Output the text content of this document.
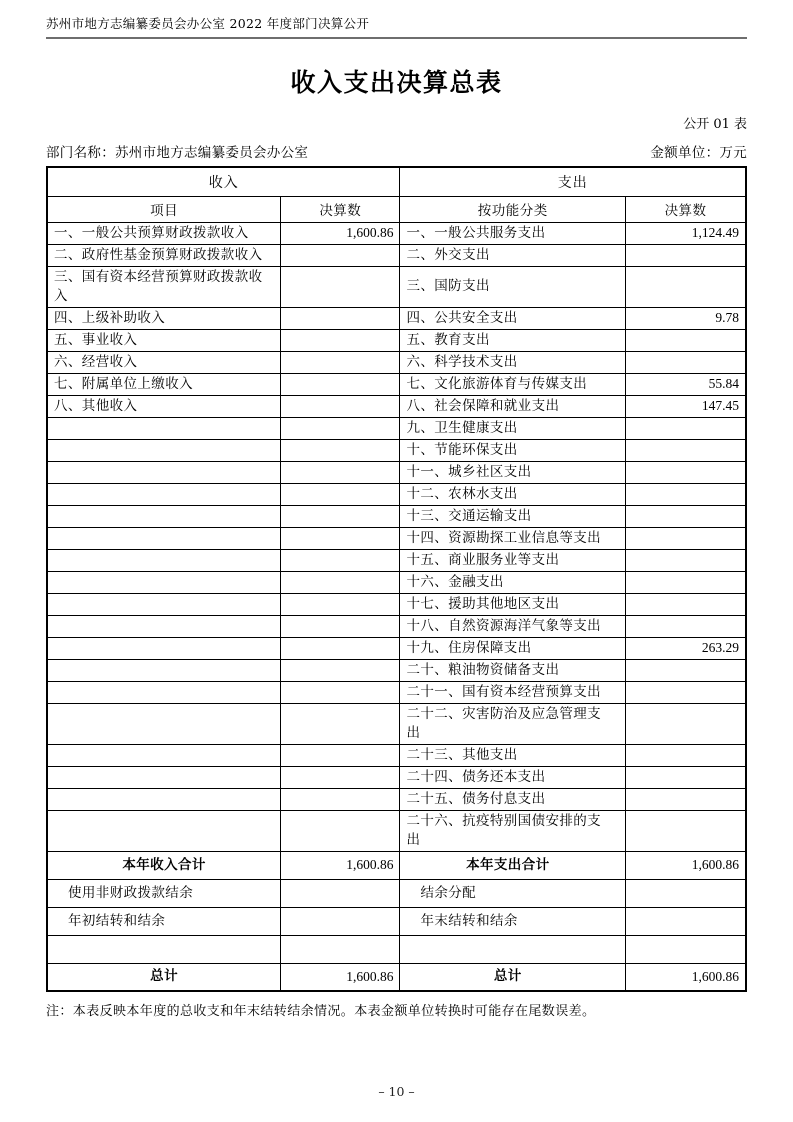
苏州市地方志编纂委员会办公室 2022 年度部门决算公开
收入支出决算总表
公开 01 表
部门名称：苏州市地方志编纂委员会办公室	金额单位：万元
收入		支出	
项目	决算数	按功能分类	决算数
一、一般公共预算财政拨款收入	1,600.86	一、一般公共服务支出	1,124.49
二、政府性基金预算财政拨款收入		二、外交支出	
三、国有资本经营预算财政拨款收入		三、国防支出	
四、上级补助收入		四、公共安全支出	9.78
五、事业收入		五、教育支出	
六、经营收入		六、科学技术支出	
七、附属单位上缴收入		七、文化旅游体育与传媒支出	55.84
八、其他收入		八、社会保障和就业支出	147.45
		九、卫生健康支出	
		十、节能环保支出	
		十一、城乡社区支出	
		十二、农林水支出	
		十三、交通运输支出	
		十四、资源勘探工业信息等支出	
		十五、商业服务业等支出	
		十六、金融支出	
		十七、援助其他地区支出	
		十八、自然资源海洋气象等支出	
		十九、住房保障支出	263.29
		二十、粮油物资储备支出	
		二十一、国有资本经营预算支出	
		二十二、灾害防治及应急管理支出	
		二十三、其他支出	
		二十四、债务还本支出	
		二十五、债务付息支出	
		二十六、抗疫特别国债安排的支出	
本年收入合计	1,600.86	本年支出合计	1,600.86
使用非财政拨款结余		结余分配	
年初结转和结余		年末结转和结余	

总计	1,600.86	总计	1,600.86
注：本表反映本年度的总收支和年末结转结余情况。本表金额单位转换时可能存在尾数误差。
– 10 –
